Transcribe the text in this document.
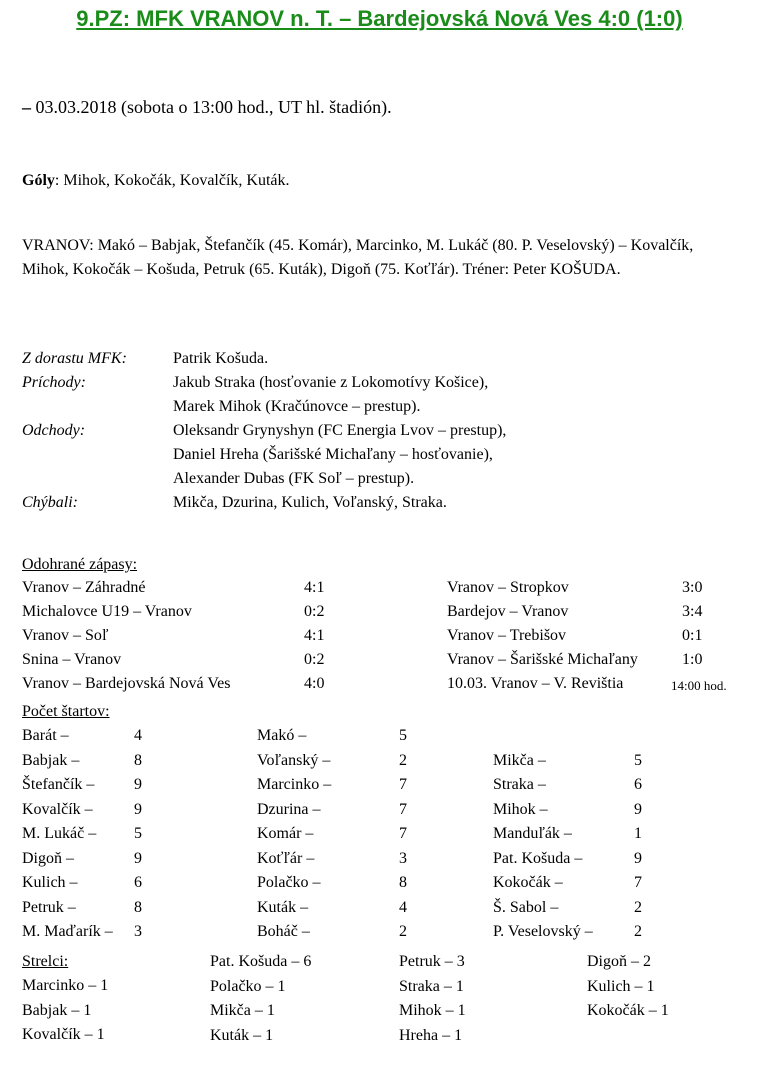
9.PZ: MFK VRANOV n. T. – Bardejovská Nová Ves 4:0 (1:0)
– 03.03.2018 (sobota o 13:00 hod., UT hl. štadión).
Góly: Mihok, Kokočák, Kovalčík, Kuták.
VRANOV: Makó – Babjak, Štefančík (45. Komár), Marcinko, M. Lukáč (80. P. Veselovský) – Kovalčík, Mihok, Kokočák – Košuda, Petruk (65. Kuták), Digoň (75. Koťľár). Tréner: Peter KOŠUDA.
Z dorastu MFK:	Patrik Košuda.
Príchody:	Jakub Straka (hosťovanie z Lokomotívy Košice),
Marek Mihok (Kračúnovce – prestup).
Odchody:	Oleksandr Grynyshyn (FC Energia Lvov – prestup),
Daniel Hreha (Šarišské Michaľany – hosťovanie),
Alexander Dubas (FK Soľ – prestup).
Chýbali:	Mikča, Dzurina, Kulich, Voľanský, Straka.
Odohrané zápasy:
Vranov – Záhradné	4:1
Michalovce U19 – Vranov	0:2
Vranov – Soľ	4:1
Snina – Vranov	0:2
Vranov – Bardejovská Nová Ves	4:0
Vranov – Stropkov	3:0
Bardejov – Vranov	3:4
Vranov – Trebišov	0:1
Vranov – Šarišské Michaľany	1:0
10.03. Vranov – V. Revištia	14:00 hod.
Počet štartov:
Barát –	4
Babjak –	8
Štefančík – 9
Kovalčík –	9
M. Lukáč – 5
Digoň –	9
Kulich –	6
Petruk –	8
M. Maďarík – 3
Makó –	5
Voľanský –	2
Marcinko –	7
Dzurina –	7
Komár –	7
Koťľár –	3
Polačko –	8
Kuták –	4
Boháč –	2
Mikča –	5
Straka –	6
Mihok –	9
Manduľák –	1
Pat. Košuda –	9
Kokočák –	7
Š. Sabol –	2
P. Veselovský –	2
Strelci:
Marcinko – 1
Babjak – 1
Kovalčík – 1
Pat. Košuda – 6
Polačko – 1
Mikča – 1
Kuták – 1
Petruk – 3
Straka – 1
Mihok – 1
Hreha – 1
Digoň – 2
Kulich – 1
Kokočák – 1
